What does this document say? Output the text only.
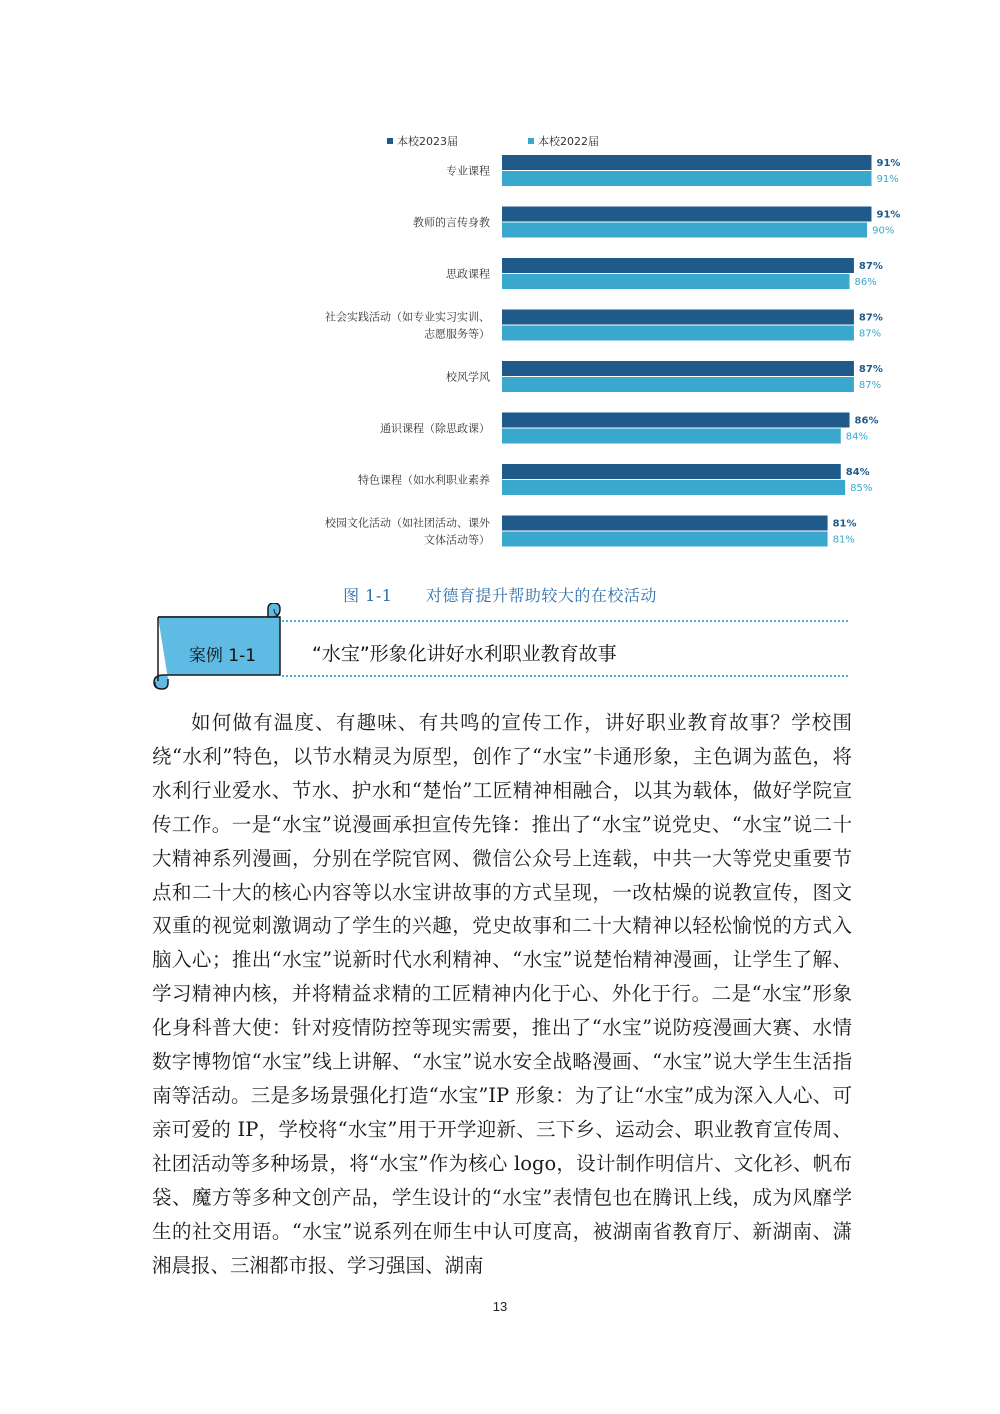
本校2023届	本校2022届
专业课程
91%
91%
教师的言传身教
91%
90%
思政课程
87%
86%
社会实践活动（如专业实习实训、
志愿服务等）
87%
87%
校风学风
87%
87%
通识课程（除思政课）
86%
84%
特色课程（如水利职业素养
84%
85%
校园文化活动（如社团活动、课外
文体活动等）
81%
81%
图 1-1      对德育提升帮助较大的在校活动
案例 1-1	“水宝”形象化讲好水利职业教育故事

如何做有温度、有趣味、有共鸣的宣传工作，讲好职业教育故事？学校围绕“水利”特色，以节水精灵为原型，创作了“水宝”卡通形象，主色调为蓝色，将水利行业爱水、节水、护水和“楚怡”工匠精神相融合，以其为载体，做好学院宣传工作。一是“水宝”说漫画承担宣传先锋：推出了“水宝”说党史、“水宝”说二十大精神系列漫画，分别在学院官网、微信公众号上连载，中共一大等党史重要节点和二十大的核心内容等以水宝讲故事的方式呈现，一改枯燥的说教宣传，图文双重的视觉刺激调动了学生的兴趣，党史故事和二十大精神以轻松愉悦的方式入脑入心；推出“水宝”说新时代水利精神、“水宝”说楚怡精神漫画，让学生了解、学习精神内核，并将精益求精的工匠精神内化于心、外化于行。二是“水宝”形象化身科普大使：针对疫情防控等现实需要，推出了“水宝”说防疫漫画大赛、水情数字博物馆“水宝”线上讲解、“水宝”说水安全战略漫画、“水宝”说大学生生活指南等活动。三是多场景强化打造“水宝”IP 形象：为了让“水宝”成为深入人心、可亲可爱的 IP，学校将“水宝”用于开学迎新、三下乡、运动会、职业教育宣传周、社团活动等多种场景，将“水宝”作为核心 logo，设计制作明信片、文化衫、帆布袋、魔方等多种文创产品，学生设计的“水宝”表情包也在腾讯上线，成为风靡学生的社交用语。“水宝”说系列在师生中认可度高，被湖南省教育厅、新湖南、潇湘晨报、三湘都市报、学习强国、湖南

13
